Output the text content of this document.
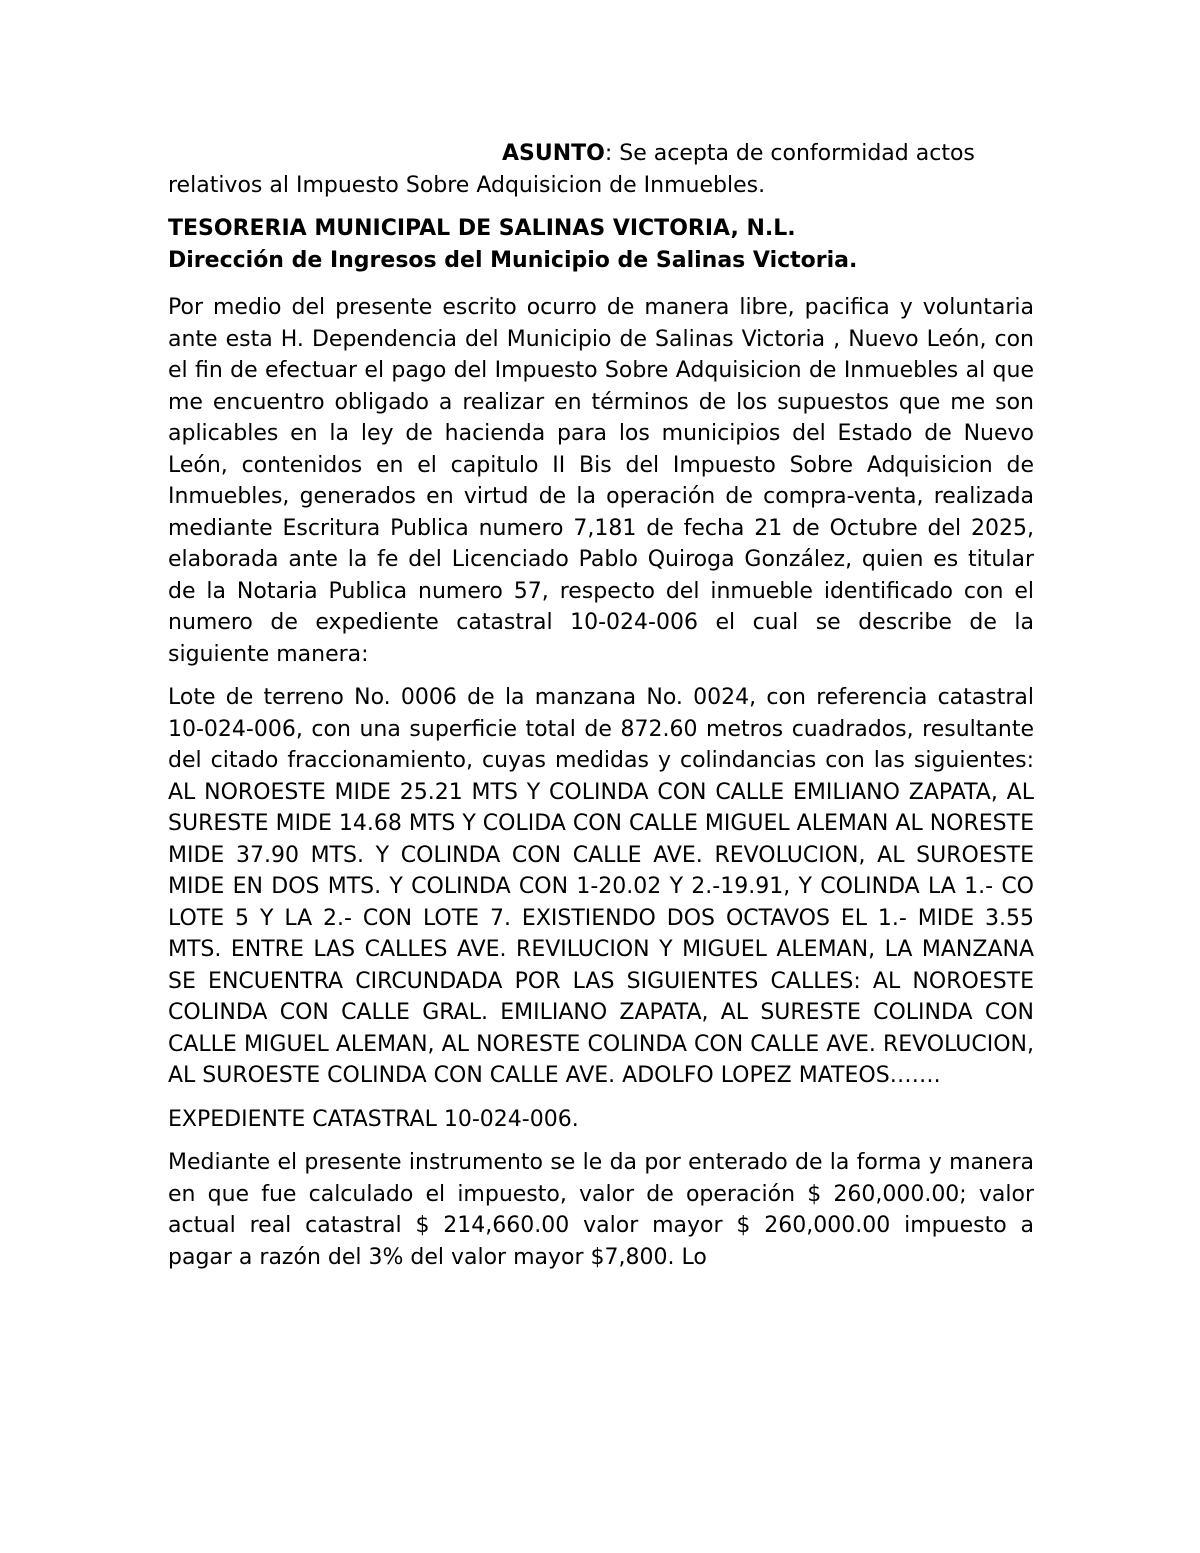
ASUNTO: Se acepta de conformidad actos relativos al Impuesto Sobre Adquisicion de Inmuebles.

TESORERIA MUNICIPAL DE SALINAS VICTORIA, N.L.
Dirección de Ingresos del Municipio de Salinas Victoria.

Por medio del presente escrito ocurro de manera libre, pacifica y voluntaria ante esta H. Dependencia del Municipio de Salinas Victoria , Nuevo León, con el fin de efectuar el pago del Impuesto Sobre Adquisicion de Inmuebles al que me encuentro obligado a realizar en términos de los supuestos que me son aplicables en la ley de hacienda para los municipios del Estado de Nuevo León, contenidos en el capitulo II Bis del Impuesto Sobre Adquisicion de Inmuebles, generados en virtud de la operación de compra-venta, realizada mediante Escritura Publica numero 7,181 de fecha 21 de Octubre del 2025, elaborada ante la fe del Licenciado Pablo Quiroga González, quien es titular de la Notaria Publica numero 57, respecto del inmueble identificado con el numero de expediente catastral 10-024-006 el cual se describe de la siguiente manera:

Lote de terreno No. 0006 de la manzana No. 0024, con referencia catastral 10-024-006, con una superficie total de 872.60 metros cuadrados, resultante del citado fraccionamiento, cuyas medidas y colindancias con las siguientes: AL NOROESTE MIDE 25.21 MTS Y COLINDA CON CALLE EMILIANO ZAPATA, AL SURESTE MIDE 14.68 MTS Y COLIDA CON CALLE MIGUEL ALEMAN AL NORESTE MIDE 37.90 MTS. Y COLINDA CON CALLE AVE. REVOLUCION, AL SUROESTE MIDE EN DOS MTS. Y COLINDA CON 1-20.02 Y 2.-19.91, Y COLINDA LA 1.- CO LOTE 5 Y LA 2.- CON LOTE 7. EXISTIENDO DOS OCTAVOS EL 1.- MIDE 3.55 MTS. ENTRE LAS CALLES AVE. REVILUCION Y MIGUEL ALEMAN, LA MANZANA SE ENCUENTRA CIRCUNDADA POR LAS SIGUIENTES CALLES: AL NOROESTE COLINDA CON CALLE GRAL. EMILIANO ZAPATA, AL SURESTE COLINDA CON CALLE MIGUEL ALEMAN, AL NORESTE COLINDA CON CALLE AVE. REVOLUCION, AL SUROESTE COLINDA CON CALLE AVE. ADOLFO LOPEZ MATEOS…….

EXPEDIENTE CATASTRAL 10-024-006.

Mediante el presente instrumento se le da por enterado de la forma y manera en que fue calculado el impuesto, valor de operación $ 260,000.00; valor actual real catastral $ 214,660.00 valor mayor $ 260,000.00 impuesto a pagar a razón del 3% del valor mayor $7,800. Lo
